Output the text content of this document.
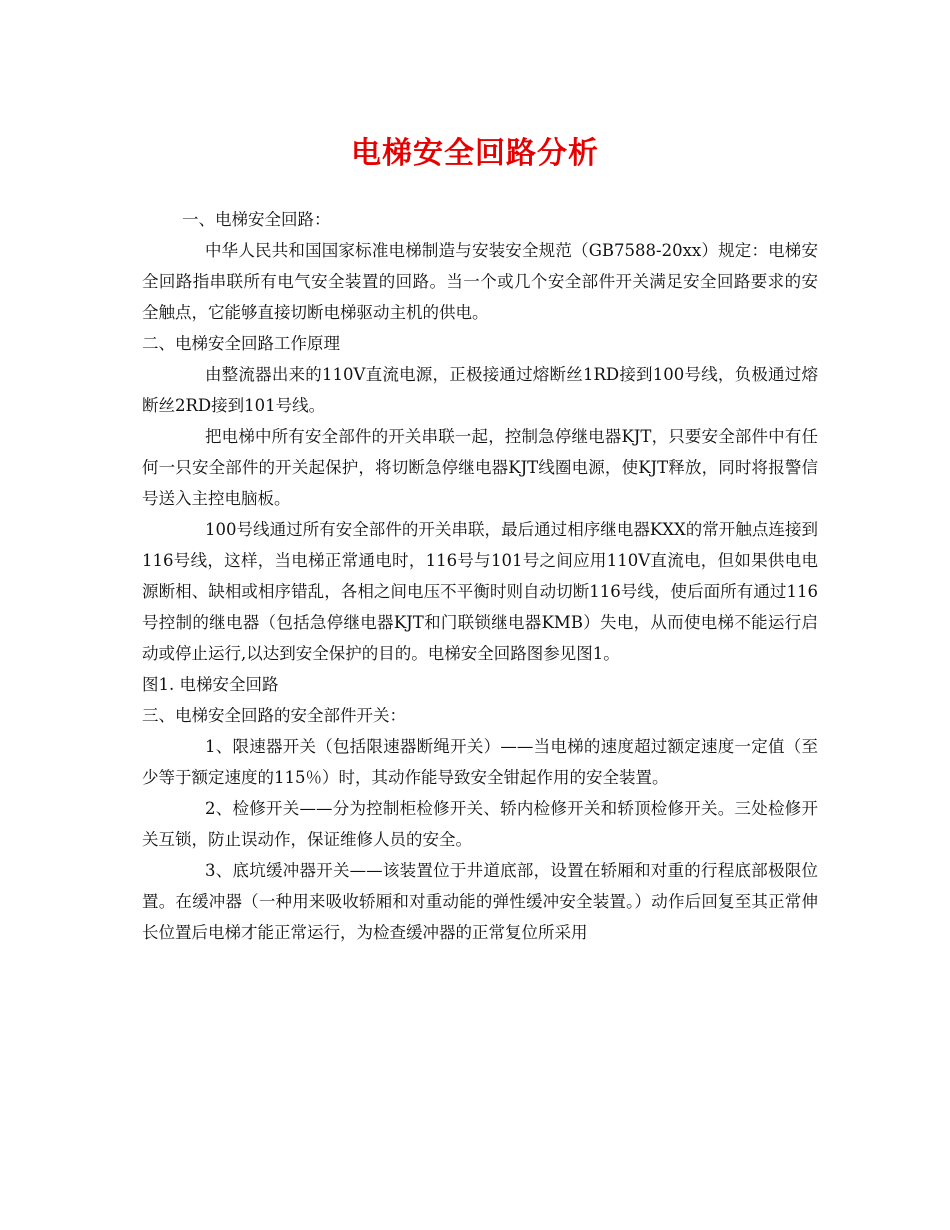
电梯安全回路分析

一、电梯安全回路：

中华人民共和国国家标准电梯制造与安装安全规范（GB7588-20xx）规定：电梯安全回路指串联所有电气安全装置的回路。当一个或几个安全部件开关满足安全回路要求的安全触点，它能够直接切断电梯驱动主机的供电。

二、电梯安全回路工作原理

由整流器出来的110V直流电源，正极接通过熔断丝1RD接到100号线，负极通过熔断丝2RD接到101号线。

把电梯中所有安全部件的开关串联一起，控制急停继电器KJT，只要安全部件中有任何一只安全部件的开关起保护，将切断急停继电器KJT线圈电源，使KJT释放，同时将报警信号送入主控电脑板。

100号线通过所有安全部件的开关串联，最后通过相序继电器KXX的常开触点连接到116号线，这样，当电梯正常通电时，116号与101号之间应用110V直流电，但如果供电电源断相、缺相或相序错乱，各相之间电压不平衡时则自动切断116号线，使后面所有通过116号控制的继电器（包括急停继电器KJT和门联锁继电器KMB）失电，从而使电梯不能运行启动或停止运行,以达到安全保护的目的。电梯安全回路图参见图1。

图1. 电梯安全回路

三、电梯安全回路的安全部件开关：

1、限速器开关（包括限速器断绳开关）——当电梯的速度超过额定速度一定值（至少等于额定速度的115％）时，其动作能导致安全钳起作用的安全装置。

2、检修开关——分为控制柜检修开关、轿内检修开关和轿顶检修开关。三处检修开关互锁，防止误动作，保证维修人员的安全。

3、底坑缓冲器开关——该装置位于井道底部，设置在轿厢和对重的行程底部极限位置。在缓冲器（一种用来吸收轿厢和对重动能的弹性缓冲安全装置。）动作后回复至其正常伸长位置后电梯才能正常运行，为检查缓冲器的正常复位所采用
